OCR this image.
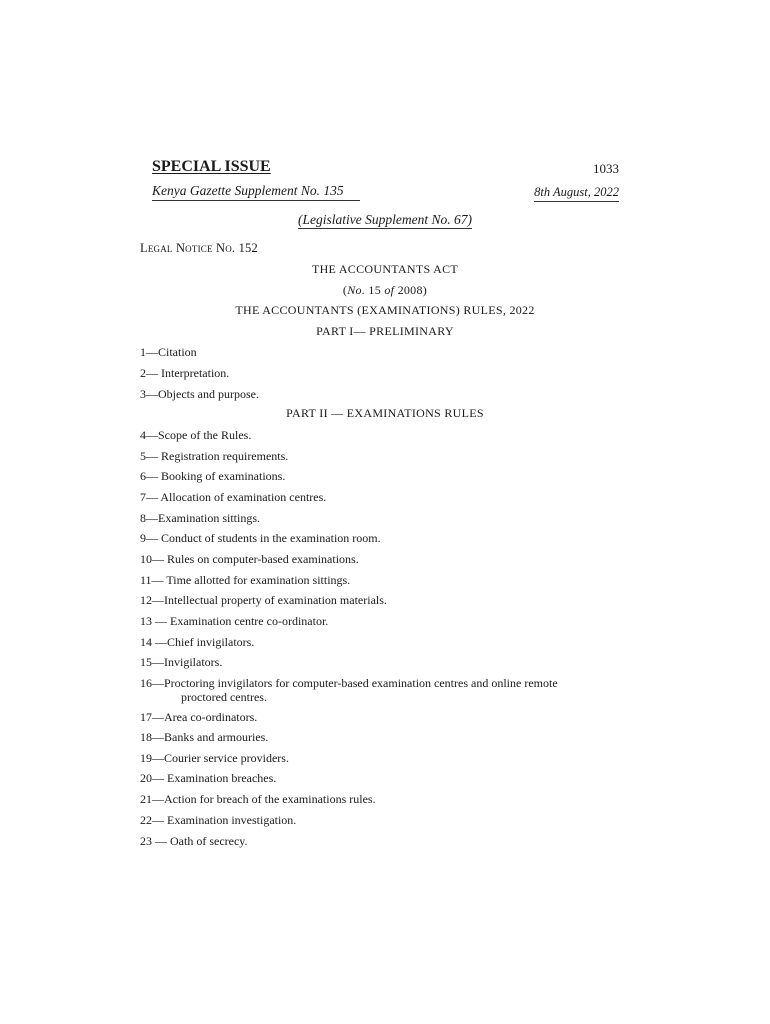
SPECIAL ISSUE	1033
Kenya Gazette Supplement No. 135	8th August, 2022
(Legislative Supplement No. 67)
Legal Notice No. 152
THE ACCOUNTANTS ACT
(No. 15 of 2008)
THE ACCOUNTANTS (EXAMINATIONS) RULES, 2022
PART I— PRELIMINARY
1—Citation
2— Interpretation.
3—Objects and purpose.
PART II — EXAMINATIONS RULES
4—Scope of the Rules.
5— Registration requirements.
6— Booking of examinations.
7— Allocation of examination centres.
8—Examination sittings.
9— Conduct of students in the examination room.
10— Rules on computer-based examinations.
11— Time allotted for examination sittings.
12—Intellectual property of examination materials.
13 — Examination centre co-ordinator.
14 —Chief invigilators.
15—Invigilators.
16—Proctoring invigilators for computer-based examination centres and online remote
proctored centres.
17—Area co-ordinators.
18—Banks and armouries.
19—Courier service providers.
20— Examination breaches.
21—Action for breach of the examinations rules.
22— Examination investigation.
23 — Oath of secrecy.
